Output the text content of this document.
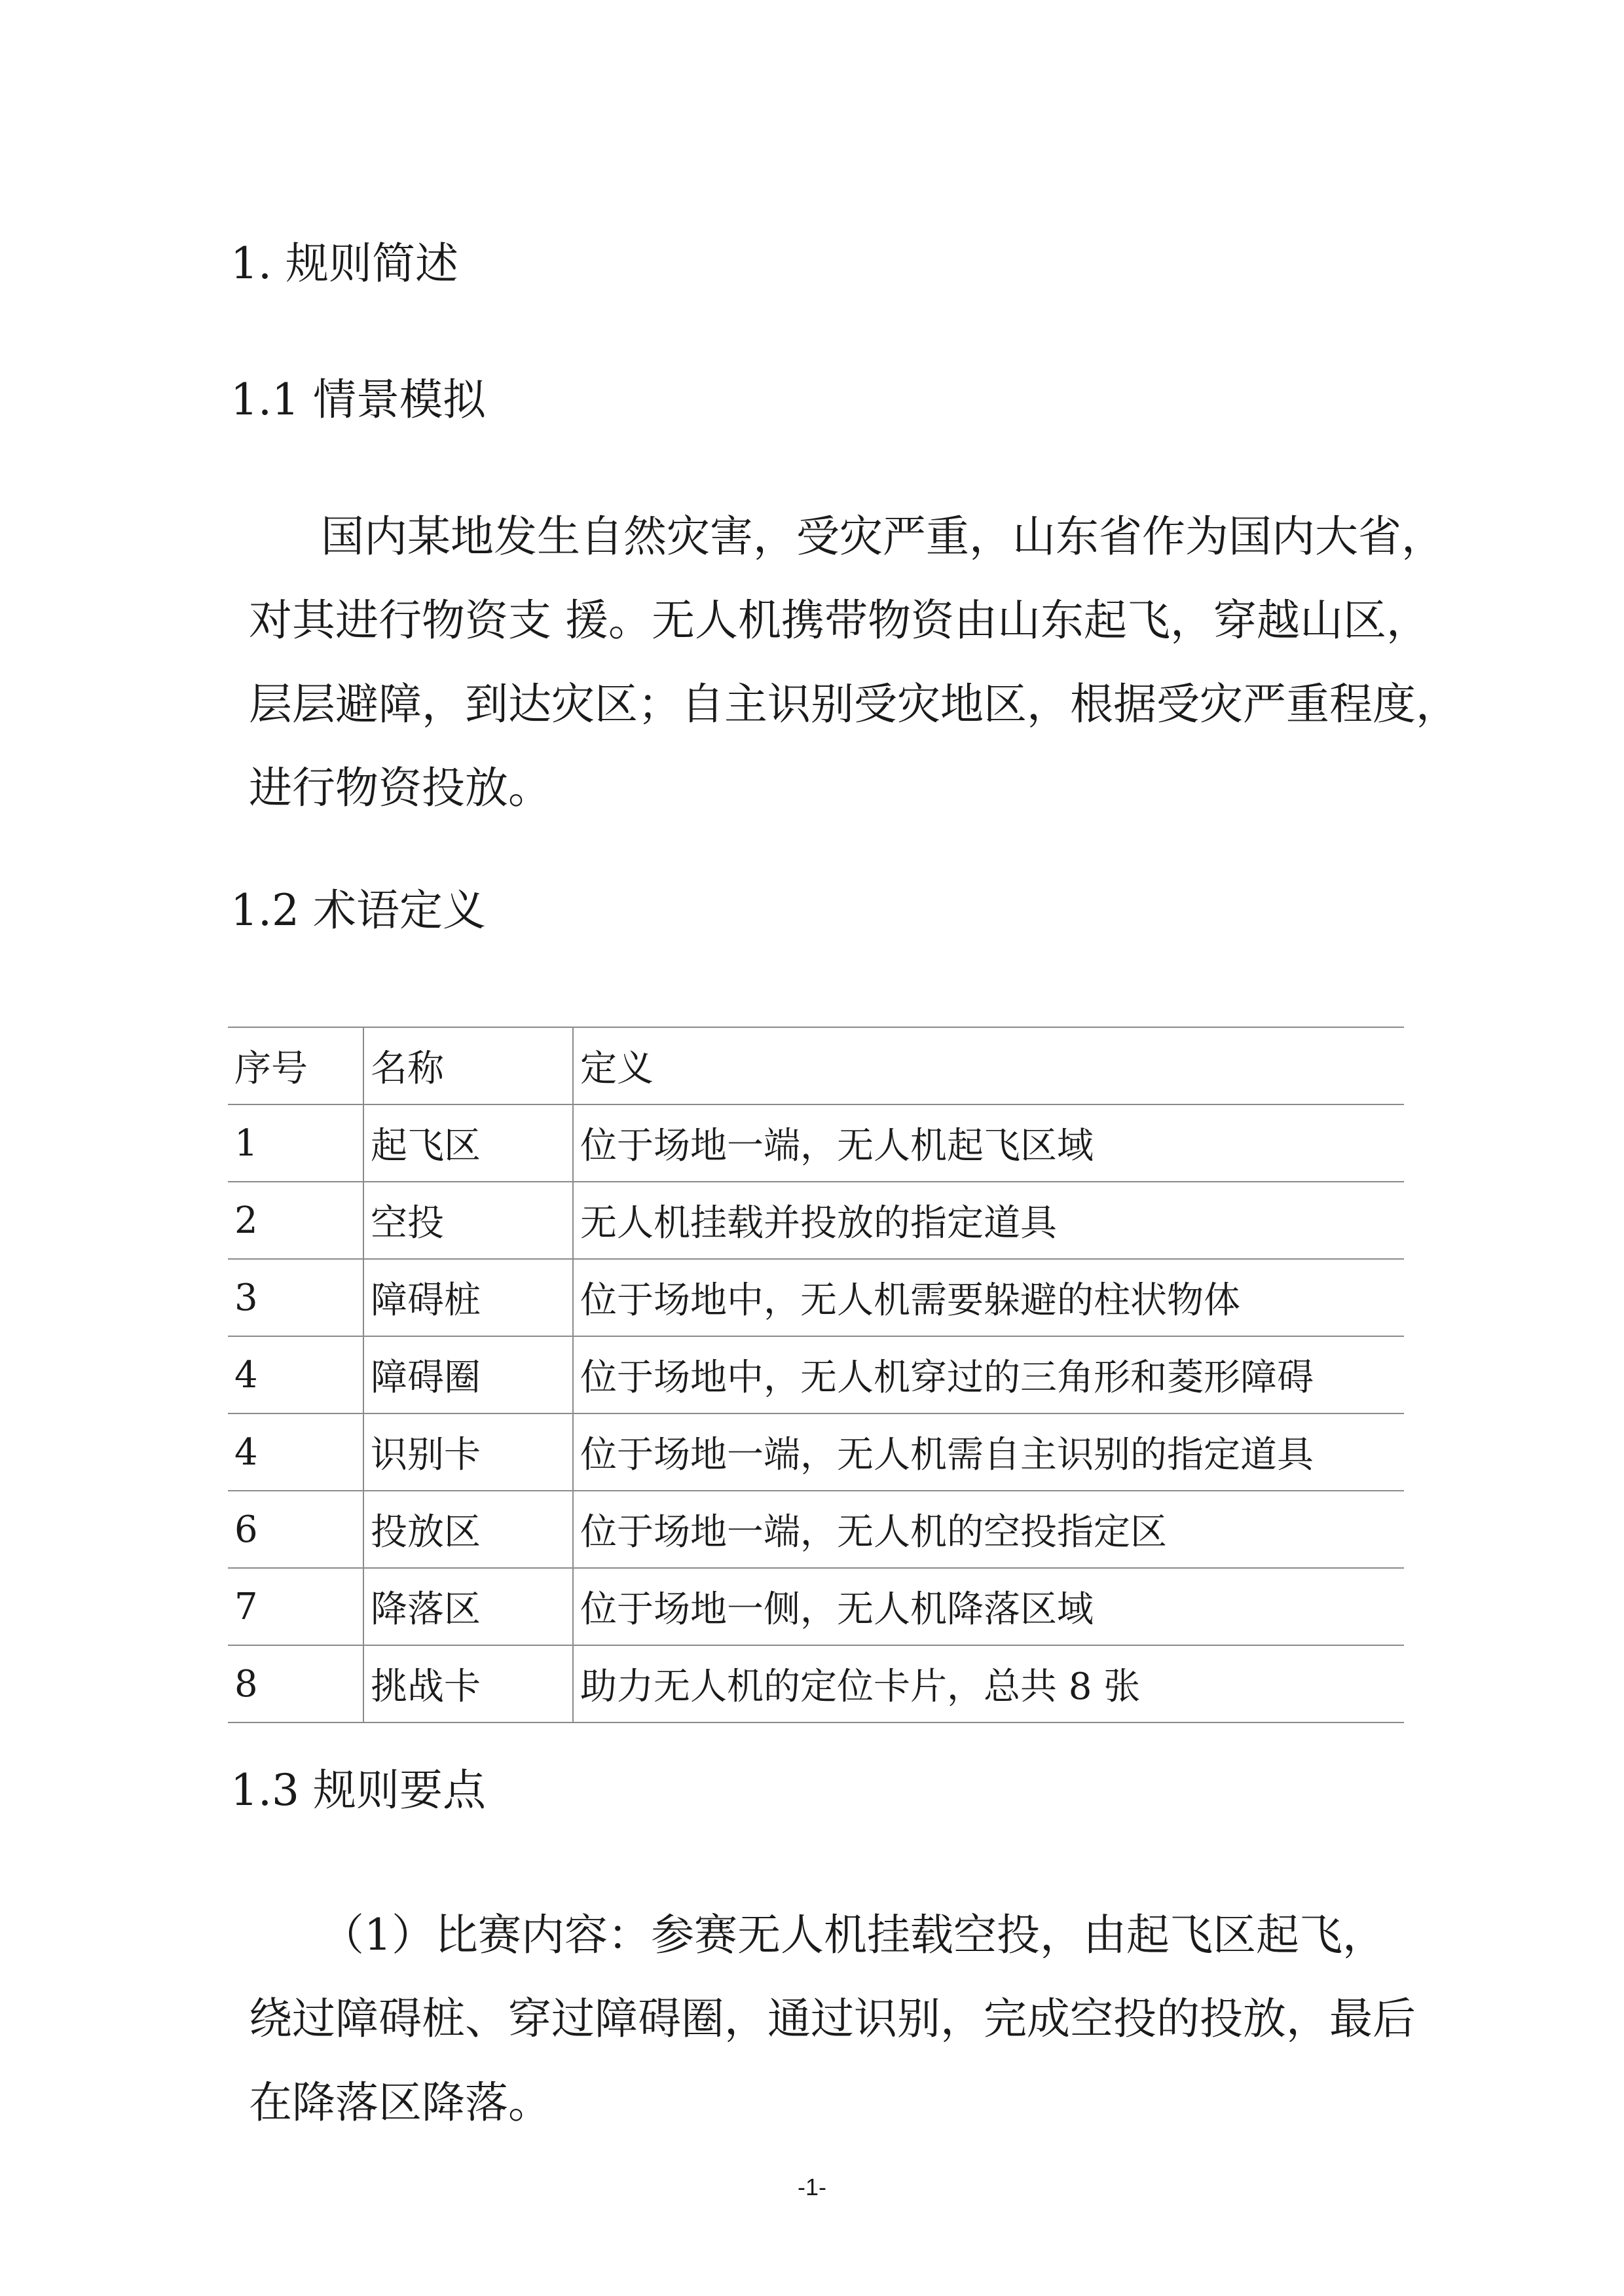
1. 规则简述
1.1 情景模拟
国内某地发生自然灾害，受灾严重，山东省作为国内大省，
对其进行物资支 援。无人机携带物资由山东起飞，穿越山区，
层层避障，到达灾区；自主识别受灾地区，根据受灾严重程度，
进行物资投放。
1.2 术语定义
序号	名称	定义
1	起飞区	位于场地一端，无人机起飞区域
2	空投	无人机挂载并投放的指定道具
3	障碍桩	位于场地中，无人机需要躲避的柱状物体
4	障碍圈	位于场地中，无人机穿过的三角形和菱形障碍
4	识别卡	位于场地一端，无人机需自主识别的指定道具
6	投放区	位于场地一端，无人机的空投指定区
7	降落区	位于场地一侧，无人机降落区域
8	挑战卡	助力无人机的定位卡片，总共 8 张
1.3 规则要点
（1）比赛内容：参赛无人机挂载空投，由起飞区起飞，
绕过障碍桩、穿过障碍圈，通过识别，完成空投的投放，最后
在降落区降落。
-1-
